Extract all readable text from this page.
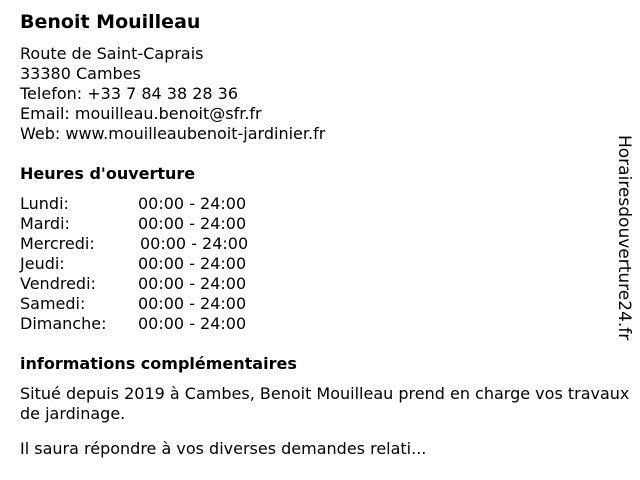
Benoit Mouilleau
Route de Saint-Caprais
33380 Cambes
Telefon: +33 7 84 38 28 36
Email: mouilleau.benoit@sfr.fr
Web: www.mouilleaubenoit-jardinier.fr
Heures d'ouverture
Lundi:	00:00 - 24:00
Mardi:	00:00 - 24:00
Mercredi:	00:00 - 24:00
Jeudi:	00:00 - 24:00
Vendredi:	00:00 - 24:00
Samedi:	00:00 - 24:00
Dimanche: 00:00 - 24:00
informations complémentaires
Situé depuis 2019 à Cambes, Benoit Mouilleau prend en charge vos travaux de jardinage.
Il saura répondre à vos diverses demandes relati...
Horairesdouverture24.fr
